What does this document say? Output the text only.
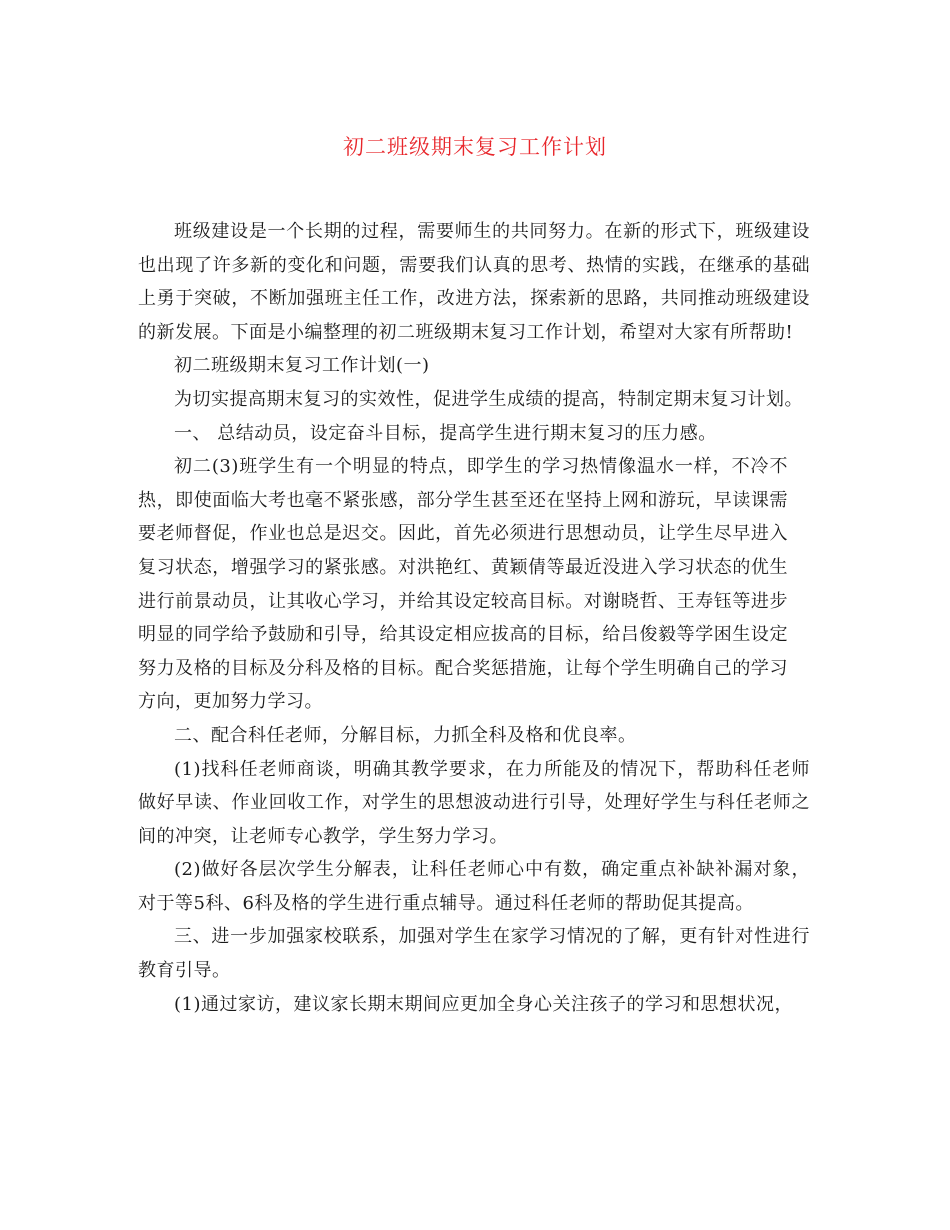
初二班级期末复习工作计划

班级建设是一个长期的过程，需要师生的共同努力。在新的形式下，班级建设也出现了许多新的变化和问题，需要我们认真的思考、热情的实践，在继承的基础上勇于突破，不断加强班主任工作，改进方法，探索新的思路，共同推动班级建设的新发展。下面是小编整理的初二班级期末复习工作计划，希望对大家有所帮助!

初二班级期末复习工作计划(一)

为切实提高期末复习的实效性，促进学生成绩的提高，特制定期末复习计划。

一、 总结动员，设定奋斗目标，提高学生进行期末复习的压力感。

初二(3)班学生有一个明显的特点，即学生的学习热情像温水一样，不冷不热，即使面临大考也毫不紧张感，部分学生甚至还在坚持上网和游玩，早读课需要老师督促，作业也总是迟交。因此，首先必须进行思想动员，让学生尽早进入复习状态，增强学习的紧张感。对洪艳红、黄颖倩等最近没进入学习状态的优生进行前景动员，让其收心学习，并给其设定较高目标。对谢晓哲、王寿钰等进步明显的同学给予鼓励和引导，给其设定相应拔高的目标，给吕俊毅等学困生设定努力及格的目标及分科及格的目标。配合奖惩措施，让每个学生明确自己的学习方向，更加努力学习。

二、配合科任老师，分解目标，力抓全科及格和优良率。

(1)找科任老师商谈，明确其教学要求，在力所能及的情况下，帮助科任老师做好早读、作业回收工作，对学生的思想波动进行引导，处理好学生与科任老师之间的冲突，让老师专心教学，学生努力学习。

(2)做好各层次学生分解表，让科任老师心中有数，确定重点补缺补漏对象，对于等5科、6科及格的学生进行重点辅导。通过科任老师的帮助促其提高。

三、进一步加强家校联系，加强对学生在家学习情况的了解，更有针对性进行教育引导。

(1)通过家访，建议家长期末期间应更加全身心关注孩子的学习和思想状况，
